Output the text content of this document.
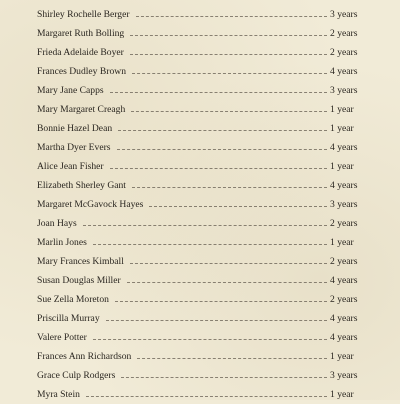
Shirley Rochelle Berger	3 years
Margaret Ruth Bolling	2 years
Frieda Adelaide Boyer	2 years
Frances Dudley Brown	4 years
Mary Jane Capps	3 years
Mary Margaret Creagh	1 year
Bonnie Hazel Dean	1 year
Martha Dyer Evers	4 years
Alice Jean Fisher	1 year
Elizabeth Sherley Gant	4 years
Margaret McGavock Hayes	3 years
Joan Hays	2 years
Marlin Jones	1 year
Mary Frances Kimball	2 years
Susan Douglas Miller	4 years
Sue Zella Moreton	2 years
Priscilla Murray	4 years
Valere Potter	4 years
Frances Ann Richardson	1 year
Grace Culp Rodgers	3 years
Myra Stein	1 year
